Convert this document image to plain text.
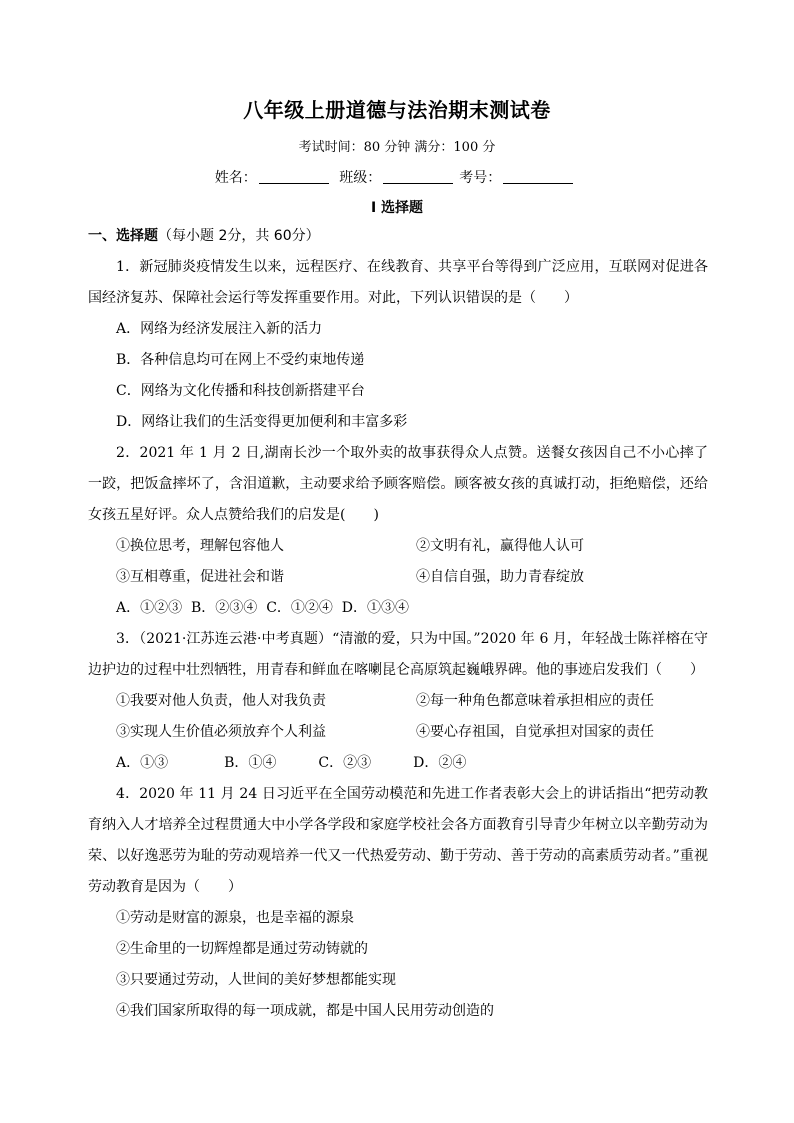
八年级上册道德与法治期末测试卷
考试时间：80 分钟 满分：100 分
姓名：	班级：	考号：
I 选择题
一、选择题（每小题 2分，共 60分）

1．新冠肺炎疫情发生以来，远程医疗、在线教育、共享平台等得到广泛应用，互联网对促进各国经济复苏、保障社会运行等发挥重要作用。对此，下列认识错误的是（　　）

A．网络为经济发展注入新的活力

B．各种信息均可在网上不受约束地传递

C．网络为文化传播和科技创新搭建平台

D．网络让我们的生活变得更加便利和丰富多彩

2．2021 年 1 月 2 日,湖南长沙一个取外卖的故事获得众人点赞。送餐女孩因自己不小心摔了一跤，把饭盒摔坏了，含泪道歉，主动要求给予顾客赔偿。顾客被女孩的真诚打动，拒绝赔偿，还给女孩五星好评。众人点赞给我们的启发是(　　)

①换位思考，理解包容他人	②文明有礼，赢得他人认可
③互相尊重，促进社会和谐	④自信自强，助力青春绽放
A．①②③  B．②③④  C．①②④  D．①③④

3．（2021·江苏连云港·中考真题）“清澈的爱，只为中国。”2020 年 6 月，年轻战士陈祥榕在守边护边的过程中壮烈牺牲，用青春和鲜血在喀喇昆仑高原筑起巍峨界碑。他的事迹启发我们（　　）

①我要对他人负责，他人对我负责	②每一种角色都意味着承担相应的责任
③实现人生价值必须放弃个人利益	④要心存祖国，自觉承担对国家的责任
A．①③　　　　B．①④　　　C．②③　　　D．②④

4．2020 年 11 月 24 日习近平在全国劳动模范和先进工作者表彰大会上的讲话指出“把劳动教育纳入人才培养全过程贯通大中小学各学段和家庭学校社会各方面教育引导青少年树立以辛勤劳动为荣、以好逸恶劳为耻的劳动观培养一代又一代热爱劳动、勤于劳动、善于劳动的高素质劳动者。”重视劳动教育是因为（　　）

①劳动是财富的源泉，也是幸福的源泉

②生命里的一切辉煌都是通过劳动铸就的

③只要通过劳动，人世间的美好梦想都能实现

④我们国家所取得的每一项成就，都是中国人民用劳动创造的
